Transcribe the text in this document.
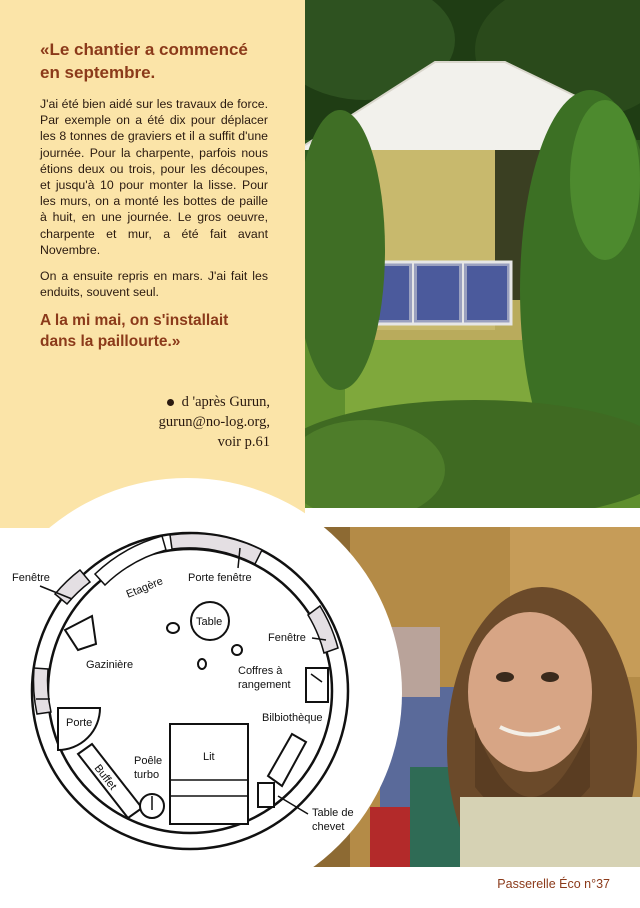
«Le chantier a commencé en septembre.

J'ai été bien aidé sur les travaux de force. Par exemple on a été dix pour déplacer les 8 tonnes de graviers et il a suffit d'une journée. Pour la charpente, parfois nous étions deux ou trois, pour les découpes, et jusqu'à 10 pour monter la lisse. Pour les murs, on a monté les bottes de paille à huit, en une journée. Le gros oeuvre, charpente et mur, a été fait avant Novembre.

On a ensuite repris en mars. J'ai fait les enduits, souvent seul.

A la mi mai, on s'installait dans la paillourte.»

d 'après Gurun,
gurun@no-log.org,
voir p.61
Porte
Gazinière
Etagère
Table
Lit
Buffet
Poêle
turbo
Fenêtre	Porte fenêtre
Fenêtre
Coffres à
rangement
Bilbiothèque
Table de
chevet
Passerelle Éco n°37
